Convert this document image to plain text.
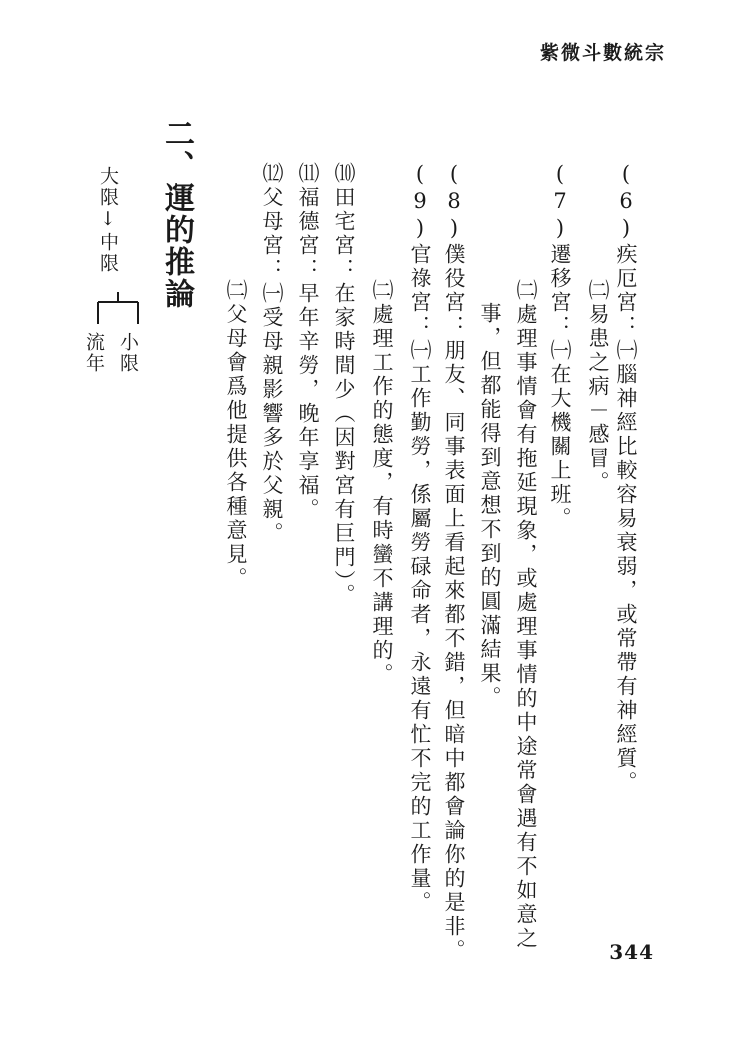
紫微斗數統宗
(6)疾厄宮：㈠腦神經比較容易衰弱，或常帶有神經質。
㈡易患之病－感冒。
(7)遷移宮：㈠在大機關上班。
㈡處理事情會有拖延現象，或處理事情的中途常會遇有不如意之
事，但都能得到意想不到的圓滿結果。
(8)僕役宮：朋友、同事表面上看起來都不錯，但暗中都會論你的是非。
(9)官祿宮：㈠工作勤勞，係屬勞碌命者，永遠有忙不完的工作量。
㈡處理工作的態度，有時蠻不講理的。
⑽田宅宮：在家時間少（因對宮有巨門）。
⑾福德宮：早年辛勞，晚年享福。
⑿父母宮：㈠受母親影響多於父親。
㈡父母會爲他提供各種意見。
二、運的推論
大限↓中限
小限
流年
344
